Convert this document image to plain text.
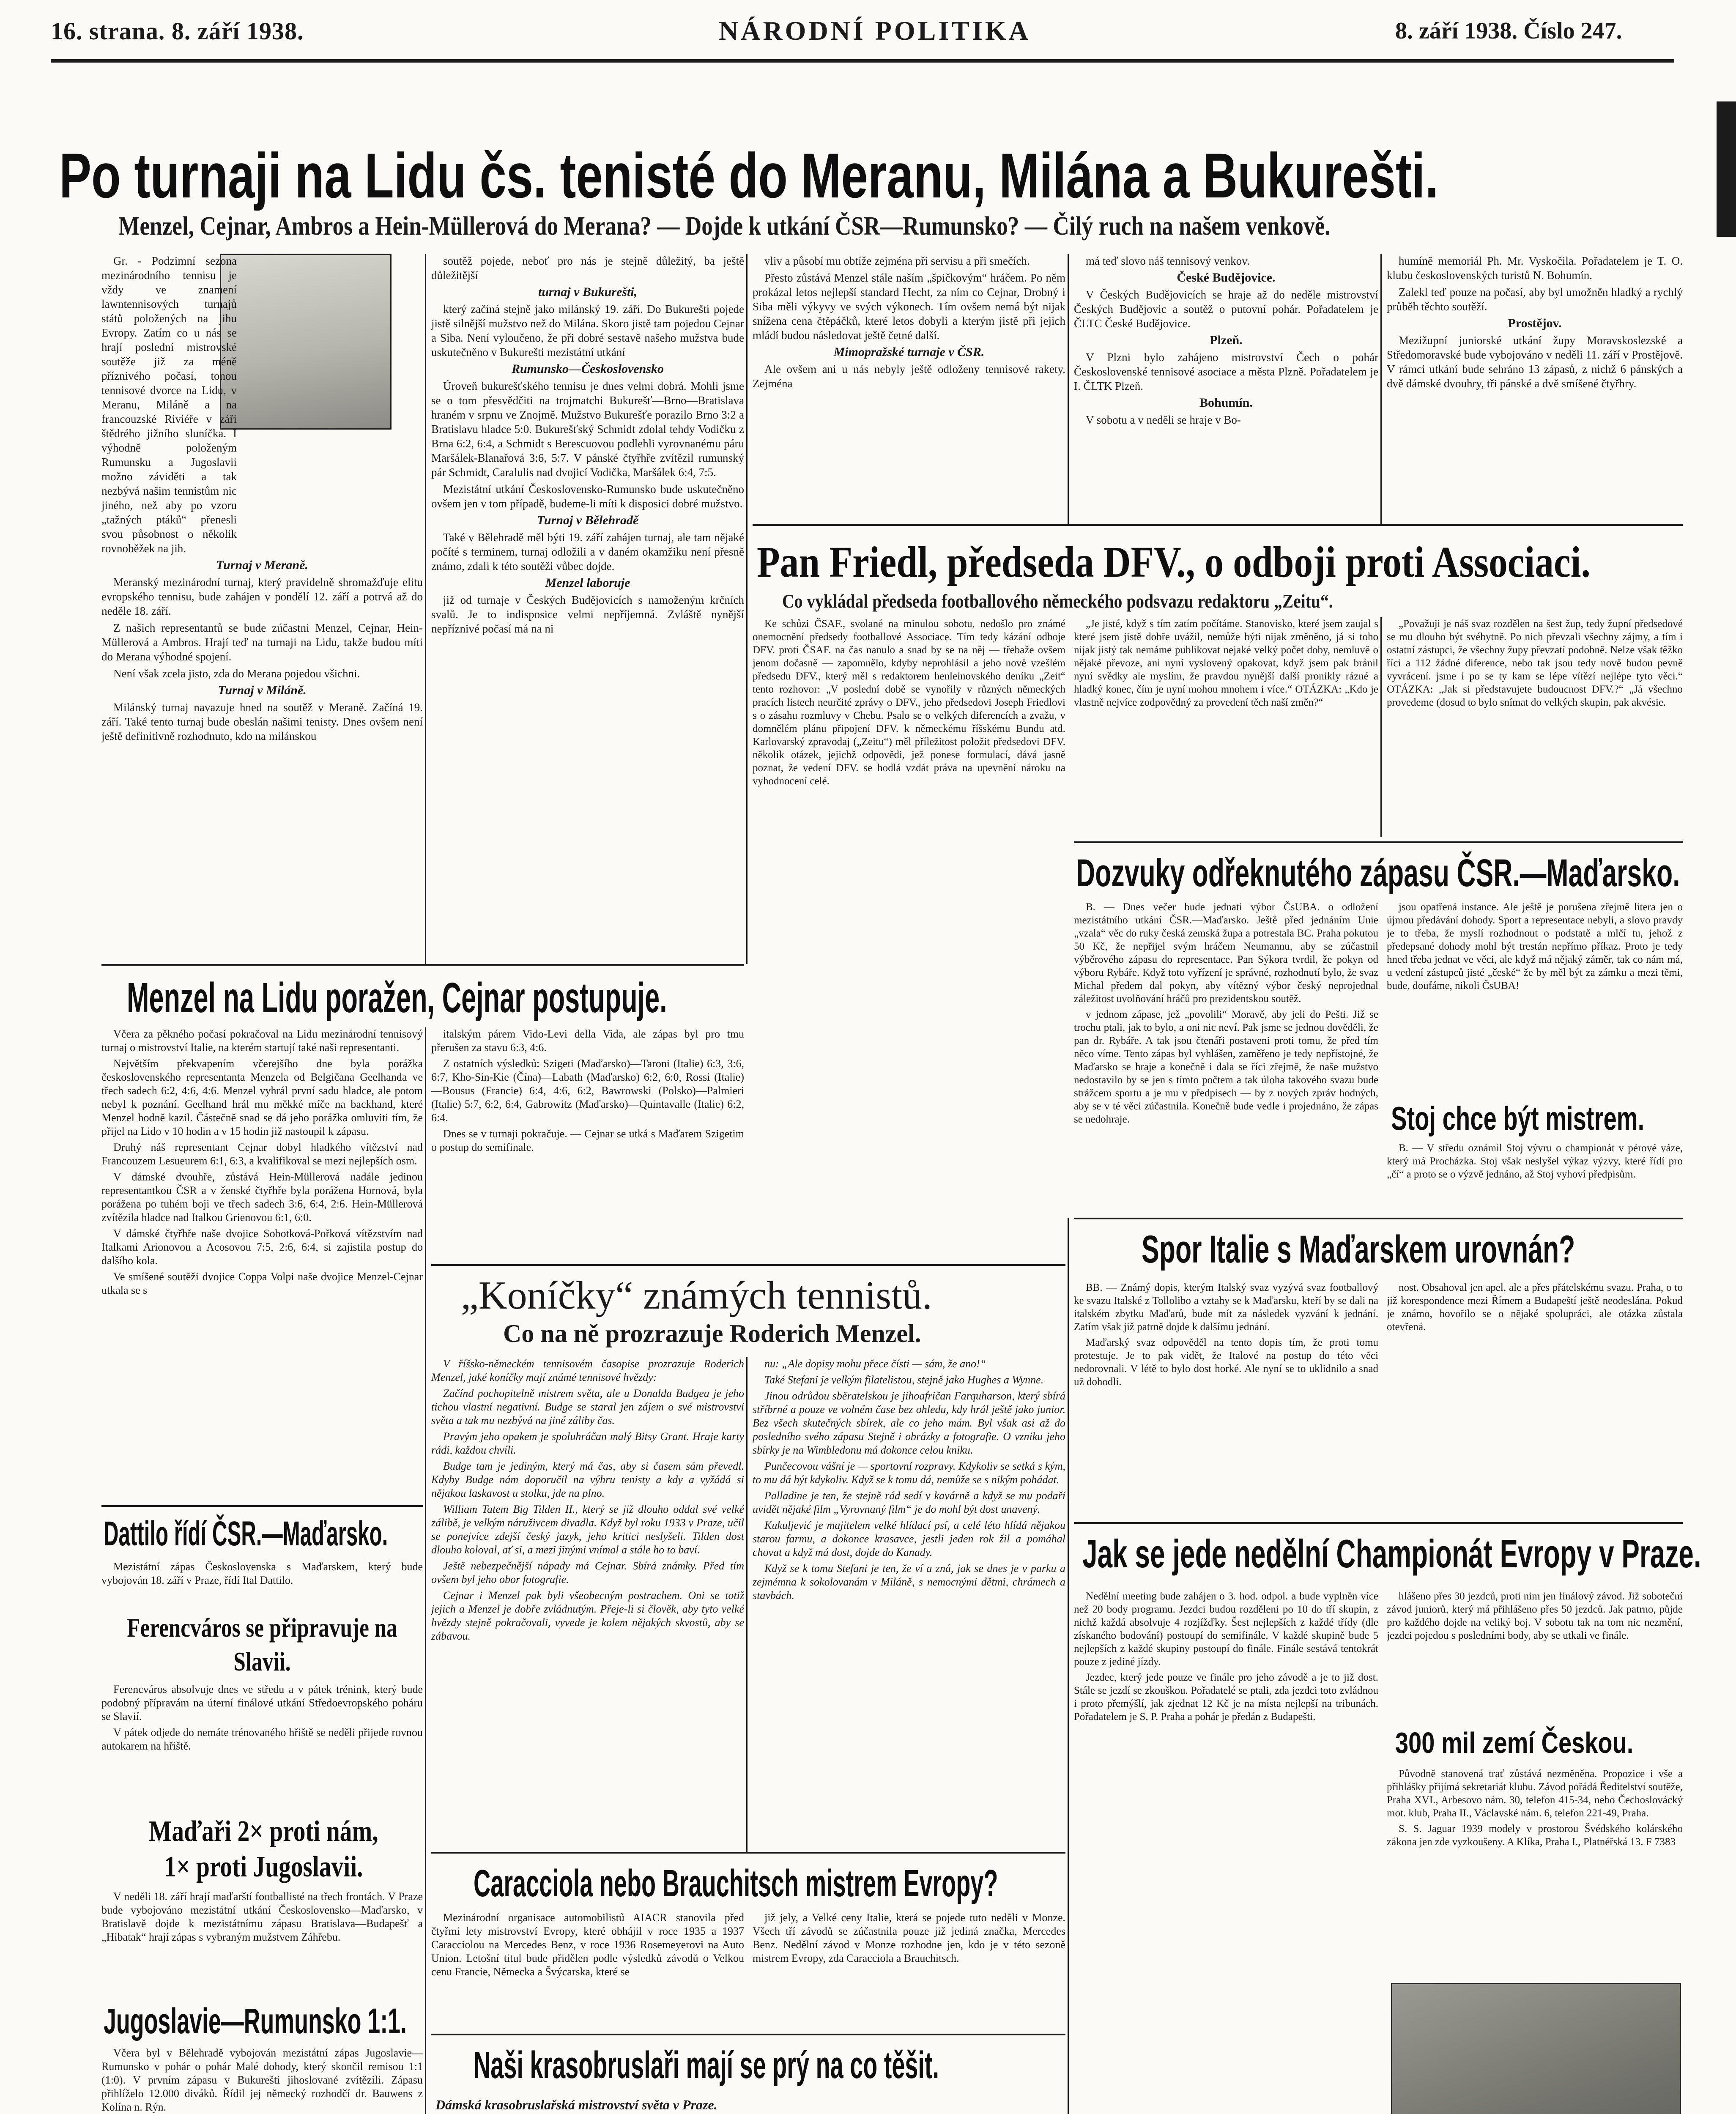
16. strana. 8. září 1938.	NÁRODNÍ POLITIKA	8. září 1938. Číslo 247.
Po turnaji na Lidu čs. tenisté do Meranu, Milána a Bukurešti.
Menzel, Cejnar, Ambros a Hein-Müllerová do Merana? — Dojde k utkání ČSR—Rumunsko? — Čilý ruch na našem venkově.

Gr. - Podzimní sezona mezinárodního tennisu je vždy ve znamení lawntennisových turnajů států položených na jihu Evropy. Zatím co u nás se hrají poslední mistrovské soutěže již za méně příznivého počasí, tonou tennisové dvorce na Lidu, v Meranu, Miláně a na francouzské Riviéře v záři štědrého jižního sluníčka. I výhodně položeným Rumunsku a Jugoslavii možno záviděti a tak nezbývá našim tennistům nic jiného, než aby po vzoru „tažných ptáků“ přenesli svou působnost o několik rovnoběžek na jih.

Turnaj v Meraně.

Meranský mezinárodní turnaj, který pravidelně shromažďuje elitu evropského tennisu, bude zahájen v pondělí 12. září a potrvá až do neděle 18. září.

Z našich representantů se bude zúčastni Menzel, Cejnar, Hein-Müllerová a Ambros. Hrají teď na turnaji na Lidu, takže budou míti do Merana výhodné spojení.

Není však zcela jisto, zda do Merana pojedou všichni.

Turnaj v Miláně.

Milánský turnaj navazuje hned na soutěž v Meraně. Začíná 19. září. Také tento turnaj bude obeslán našimi tenisty. Dnes ovšem není ještě definitivně rozhodnuto, kdo na milánskou

soutěž pojede, neboť pro nás je stejně důležitý, ba ještě důležitější

turnaj v Bukurešti,

který začíná stejně jako milánský 19. září. Do Bukurešti pojede jistě silnější mužstvo než do Milána. Skoro jistě tam pojedou Cejnar a Siba. Není vyloučeno, že při dobré sestavě našeho mužstva bude uskutečněno v Bukurešti mezistátní utkání

Rumunsko—Československo

Úroveň bukurešťského tennisu je dnes velmi dobrá. Mohli jsme se o tom přesvědčiti na trojmatchi Bukurešť—Brno—Bratislava hraném v srpnu ve Znojmě. Mužstvo Bukurešťe porazilo Brno 3:2 a Bratislavu hladce 5:0. Bukurešťský Schmidt zdolal tehdy Vodičku z Brna 6:2, 6:4, a Schmidt s Berescuovou podlehli vyrovnanému páru Maršálek-Blanařová 3:6, 5:7. V pánské čtyřhře zvítězil rumunský pár Schmidt, Caralulis nad dvojicí Vodička, Maršálek 6:4, 7:5.

Mezistátní utkání Československo-Rumunsko bude uskutečněno ovšem jen v tom případě, budeme-li míti k disposici dobré mužstvo.

Turnaj v Bělehradě

Také v Bělehradě měl býti 19. září zahájen turnaj, ale tam nějaké počíté s terminem, turnaj odložili a v daném okamžiku není přesně známo, zdali k této soutěži vůbec dojde.

Menzel laboruje

již od turnaje v Českých Budějovicích s namoženým krčních svalů. Je to indisposice velmi nepříjemná. Zvláště nynější nepříznivé počasí má na ni

vliv a působí mu obtíže zejména při servisu a při smečích.

Přesto zůstává Menzel stále naším „špičkovým“ hráčem. Po něm prokázal letos nejlepší standard Hecht, za ním co Cejnar, Drobný i Siba měli výkyvy ve svých výkonech. Tím ovšem nemá být nijak snížena cena čtěpáčků, které letos dobyli a kterým jistě při jejich mládí budou následovat ještě četné další.

Mimopražské turnaje v ČSR.

Ale ovšem ani u nás nebyly ještě odloženy tennisové rakety. Zejména

má teď slovo náš tennisový venkov.

České Budějovice.

V Českých Budějovicích se hraje až do neděle mistrovství Českých Budějovic a soutěž o putovní pohár. Pořadatelem je ČLTC České Budějovice.

Plzeň.

V Plzni bylo zahájeno mistrovství Čech o pohár Československé tennisové asociace a města Plzně. Pořadatelem je I. ČLTK Plzeň.

Bohumín.

V sobotu a v neděli se hraje v Bo-

humíně memoriál Ph. Mr. Vyskočila. Pořadatelem je T. O. klubu československých turistů N. Bohumín.

Zalekl teď pouze na počasí, aby byl umožněn hladký a rychlý průběh těchto soutěží.

Prostějov.

Mezižupní juniorské utkání župy Moravskoslezské a Středomoravské bude vybojováno v neděli 11. září v Prostějově. V rámci utkání bude sehráno 13 zápasů, z nichž 6 pánských a dvě dámské dvouhry, tři pánské a dvě smíšené čtyřhry.

Pan Friedl, předseda DFV., o odboji proti Associaci.
Co vykládal předseda footballového německého podsvazu redaktoru „Zeitu“.

Ke schůzi ČSAF., svolané na minulou sobotu, nedošlo pro známé onemocnění předsedy footballové Associace. Tím tedy kázání odboje DFV. proti ČSAF. na čas nanulo a snad by se na něj — třebaže ovšem jenom dočasně — zapomnělo, kdyby neprohlásil a jeho nově vzešlém předsedu DFV., který měl s redaktorem henleinovského deníku „Zeit“ tento rozhovor: „V poslední době se vynořily v různých německých pracích listech neurčité zprávy o DFV., jeho předsedovi Joseph Friedlovi s o zásahu rozmluvy v Chebu. Psalo se o velkých diferencích a zvažu, v domnělém plánu připojení DFV. k německému říšskému Bundu atd. Karlovarský zpravodaj („Zeitu“) měl příležitost položit předsedovi DFV. několik otázek, jejichž odpovědi, jež ponese formulací, dává jasně poznat, že vedení DFV. se hodlá vzdát práva na upevnění nároku na vyhodnocení celé.

„Je jisté, když s tím zatím počítáme. Stanovisko, které jsem zaujal s které jsem jistě dobře uvážil, nemůže býti nijak změněno, já si toho nijak jistý tak nemáme publikovat nejaké velký počet doby, nemluvě o nějaké převoze, ani nyní vyslovený opakovat, když jsem pak bránil nyní svědky ale myslím, že pravdou nynější další pronikly rázné a hladký konec, čím je nyní mohou mnohem i více.“ OTÁZKA: „Kdo je vlastně nejvíce zodpovědný za provedení těch naší změn?“

„Považuji je náš svaz rozdělen na šest žup, tedy župní předsedové se mu dlouho být svébytně. Po nich převzali všechny zájmy, a tím i ostatní zástupci, že všechny župy převzatí podobně. Nelze však těžko říci a 112 žádné diference, nebo tak jsou tedy nově budou pevně vyvrácení. jsme i po se ty kam se lépe vítězí nejlépe tyto věci.“ OTÁZKA: „Jak si představujete budoucnost DFV.?“ „Já všechno provedeme (dosud to bylo snímat do velkých skupin, pak akvésie.

Dozvuky odřeknutého zápasu ČSR.—Maďarsko.

B. — Dnes večer bude jednati výbor ČsUBA. o odložení mezistátního utkání ČSR.—Maďarsko. Ještě před jednáním Unie „vzala“ věc do ruky česká zemská župa a potrestala BC. Praha pokutou 50 Kč, že nepřijel svým hráčem Neumannu, aby se zúčastnil výběrového zápasu do representace. Pan Sýkora tvrdil, že pokyn od výboru Rybáře. Když toto vyřízení je správné, rozhodnutí bylo, že svaz Michal předem dal pokyn, aby vítězný výbor český neprojednal záležitost uvolňování hráčů pro prezidentskou soutěž.

v jednom zápase, jež „povolili“ Moravě, aby jeli do Pešti. Již se trochu ptali, jak to bylo, a oni nic neví. Pak jsme se jednou dověděli, že pan dr. Rybáře. A tak jsou čtenáři postaveni proti tomu, že před tím něco víme. Tento zápas byl vyhlášen, zaměřeno je tedy nepřístojné, že Maďarsko se hraje a konečně i dala se říci zřejmě, že naše mužstvo nedostavilo by se jen s tímto počtem a tak úloha takového svazu bude strážcem sportu a je mu v předpisech — by z nových zpráv hodných, aby se v té věci zúčastnila. Konečně bude vedle i projednáno, že zápas se nedohraje.

jsou opatřená instance. Ale ještě je porušena zřejmě litera jen o újmou předávání dohody. Sport a representace nebyli, a slovo pravdy je to třeba, že myslí rozhodnout o podstatě a mlčí tu, jehož z předepsané dohody mohl být trestán nepřímo příkaz. Proto je tedy hned třeba jednat ve věci, ale když má nějaký záměr, tak co nám má, u vedení zástupců jisté „české“ že by měl být za zámku a mezi těmi, bude, doufáme, nikoli ČsUBA!

Stoj chce být mistrem.

B. — V středu oznámil Stoj vývru o championát v pérové váze, který má Procházka. Stoj však neslyšel výkaz výzvy, které řídí pro „čí“ a proto se o výzvě jednáno, až Stoj vyhoví předpisům.

Menzel na Lidu poražen, Cejnar postupuje.

Včera za pěkného počasí pokračoval na Lidu mezinárodní tennisový turnaj o mistrovství Italie, na kterém startují také naši representanti.

Největším překvapením včerejšího dne byla porážka československého representanta Menzela od Belgičana Geelhanda ve třech sadech 6:2, 4:6, 4:6. Menzel vyhrál první sadu hladce, ale potom nebyl k poznání. Geelhand hrál mu měkké míče na backhand, které Menzel hodně kazil. Částečně snad se dá jeho porážka omluviti tím, že přijel na Lido v 10 hodin a v 15 hodin již nastoupil k zápasu.

Druhý náš representant Cejnar dobyl hladkého vítězství nad Francouzem Lesueurem 6:1, 6:3, a kvalifikoval se mezi nejlepších osm.

V dámské dvouhře, zůstává Hein-Müllerová nadále jedinou representantkou ČSR a v ženské čtyřhře byla porážena Hornová, byla porážena po tuhém boji ve třech sadech 3:6, 6:4, 2:6. Hein-Müllerová zvítězila hladce nad Italkou Grienovou 6:1, 6:0.

V dámské čtyřhře naše dvojice Sobotková-Pořková vítězstvím nad Italkami Arionovou a Acosovou 7:5, 2:6, 6:4, si zajistila postup do dalšího kola.

Ve smíšené soutěži dvojice Coppa Volpi naše dvojice Menzel-Cejnar utkala se s

italským párem Vido-Levi della Vida, ale zápas byl pro tmu přerušen za stavu 6:3, 4:6.

Z ostatních výsledků: Szigeti (Maďarsko)—Taroni (Italie) 6:3, 3:6, 6:7, Kho-Sin-Kie (Čína)—Labath (Maďarsko) 6:2, 6:0, Rossi (Italie)—Bousus (Francie) 6:4, 4:6, 6:2, Bawrowski (Polsko)—Palmieri (Italie) 5:7, 6:2, 6:4, Gabrowitz (Maďarsko)—Quintavalle (Italie) 6:2, 6:4.

Dnes se v turnaji pokračuje. — Cejnar se utká s Maďarem Szigetim o postup do semifinale.

„Koníčky“ známých tennistů.
Co na ně prozrazuje Roderich Menzel.

V říšsko-německém tennisovém časopise prozrazuje Roderich Menzel, jaké koníčky mají známé tennisové hvězdy:

Začínd pochopitelně mistrem světa, ale u Donalda Budgea je jeho tichou vlastní negativní. Budge se staral jen zájem o své mistrovství světa a tak mu nezbývá na jiné záliby čas.

Pravým jeho opakem je spoluhráčan malý Bitsy Grant. Hraje karty rádi, každou chvíli.

Budge tam je jediným, který má čas, aby si časem sám převedl. Kdyby Budge nám doporučil na výhru tenisty a kdy a vyžádá si nějakou laskavost u stolku, jde na plno.

William Tatem Big Tilden II., který se již dlouho oddal své velké zálibě, je velkým náruživcem divadla. Když byl roku 1933 v Praze, učil se ponejvíce zdejší český jazyk, jeho kritici neslyšeli. Tilden dost dlouho koloval, ať si, a mezi jinými vnímal a stále ho to baví.

Ještě nebezpečnější nápady má Cejnar. Sbírá známky. Před tím ovšem byl jeho obor fotografie.

Cejnar i Menzel pak byli všeobecným postrachem. Oni se totiž jejich a Menzel je dobře zvládnutým. Přeje-li si člověk, aby tyto velké hvězdy stejně pokračovali, vyvede je kolem nějakých skvostů, aby se zábavou.

nu: „Ale dopisy mohu přece čísti — sám, že ano!“

Také Stefani je velkým filatelistou, stejně jako Hughes a Wynne.

Jinou odrůdou sběratelskou je jihoafričan Farquharson, který sbírá stříbrné a pouze ve volném čase bez ohledu, kdy hrál ještě jako junior. Bez všech skutečných sbírek, ale co jeho mám. Byl však asi až do posledního svého zápasu Stejně i obrázky a fotografie. O vzniku jeho sbírky je na Wimbledonu má dokonce celou kniku.

Punčecovou vášní je — sportovní rozpravy. Kdykoliv se setká s kým, to mu dá být kdykoliv. Když se k tomu dá, nemůže se s nikým pohádat.

Palladine je ten, že stejně rád sedí v kavárně a když se mu podaří uvidět nějaké film „Vyrovnaný film“ je do mohl být dost unavený.

Kukuljević je majitelem velké hlídací psí, a celé léto hlídá nějakou starou farmu, a dokonce krasavce, jestli jeden rok žil a pomáhal chovat a když má dost, dojde do Kanady.

Když se k tomu Stefani je ten, že ví a zná, jak se dnes je v parku a zejmémna k sokolovanám v Miláně, s nemocnými dětmi, chrámech a stavbách.

Spor Italie s Maďarskem urovnán?

BB. — Známý dopis, kterým Italský svaz vyzývá svaz footballový ke svazu Italské z Tollolibo a vztahy se k Maďarsku, kteří by se dali na italském zbytku Maďarů, bude mít za následek vyzvání k jednání. Zatím však již patrně dojde k dalšímu jednání.

Maďarský svaz odpověděl na tento dopis tím, že proti tomu protestuje. Je to pak vidět, že Italové na postup do této věci nedorovnali. V létě to bylo dost horké. Ale nyní se to uklidnilo a snad už dohodli.

nost. Obsahoval jen apel, ale a přes přátelskému svazu. Praha, o to již korespondence mezi Římem a Budapeští ještě neodeslána. Pokud je známo, hovořilo se o nějaké spolupráci, ale otázka zůstala otevřená.

Jak se jede nedělní Championát Evropy v Praze.

Nedělní meeting bude zahájen o 3. hod. odpol. a bude vyplněn více než 20 body programu. Jezdci budou rozděleni po 10 do tří skupin, z nichž každá absolvuje 4 rozjížďky. Šest nejlepších z každé třídy (dle získaného bodování) postoupí do semifinále. V každé skupině bude 5 nejlepších z každé skupiny postoupí do finále. Finále sestává tentokrát pouze z jediné jízdy.

Jezdec, který jede pouze ve finále pro jeho závodě a je to již dost. Stále se jezdí se zkouškou. Pořadatelé se ptali, zda jezdci toto zvládnou i proto přemýšlí, jak zjednat 12 Kč je na místa nejlepší na tribunách. Pořadatelem je S. P. Praha a pohár je předán z Budapešti.

hlášeno přes 30 jezdců, proti nim jen finálový závod. Již soboteční závod juniorů, který má přihlášeno přes 50 jezdců. Jak patrno, půjde pro každého dojde na veliký boj. V sobotu tak na tom nic nezmění, jezdci pojedou s posledními body, aby se utkali ve finále.

300 mil zemí Českou.

Původně stanovená trať zůstává nezměněna. Propozice i vše a přihlášky přijímá sekretariát klubu. Závod pořádá Ředitelství soutěže, Praha XVI., Arbesovo nám. 30, telefon 415-34, nebo Čechoslovácký mot. klub, Praha II., Václavské nám. 6, telefon 221-49, Praha.

S. S. Jaguar 1939 modely v prostorou Švédského kolárského zákona jen zde vyzkoušeny. A Klíka, Praha I., Platnéřská 13. F 7383

Caracciola nebo Brauchitsch mistrem Evropy?

Mezinárodní organisace automobilistů AIACR stanovila před čtyřmi lety mistrovství Evropy, které obhájil v roce 1935 a 1937 Caracciolou na Mercedes Benz, v roce 1936 Rosemeyerovi na Auto Union. Letošní titul bude přidělen podle výsledků závodů o Velkou cenu Francie, Německa a Švýcarska, které se

již jely, a Velké ceny Italie, která se pojede tuto neděli v Monze. Všech tří závodů se zúčastnila pouze již jediná značka, Mercedes Benz. Nedělní závod v Monze rozhodne jen, kdo je v této sezoně mistrem Evropy, zda Caracciola a Brauchitsch.

Naši krasobruslaři mají se prý na co těšit.
Dámská krasobruslařská mistrovství světa v Praze.

Dattilo řídí ČSR.—Maďarsko.

Mezistátní zápas Československa s Maďarskem, který bude vybojován 18. září v Praze, řídí Ital Dattilo.

Ferencváros se připravuje na Slavii.

Ferencváros absolvuje dnes ve středu a v pátek trénink, který bude podobný přípravám na úterní finálové utkání Středoevropského poháru se Slavií.

V pátek odjede do nemáte trénovaného hřiště se neděli přijede rovnou autokarem na hřiště.

Maďaři 2× proti nám, 1× proti Jugoslavii.

V neděli 18. září hrají maďarští footballisté na třech frontách. V Praze bude vybojováno mezistátní utkání Československo—Maďarsko, v Bratislavě dojde k mezistátnímu zápasu Bratislava—Budapešť a „Hibatak“ hrají zápas s vybraným mužstvem Záhřebu.

Jugoslavie—Rumunsko 1:1.

Včera byl v Bělehradě vybojován mezistátní zápas Jugoslavie—Rumunsko v pohár o pohár Malé dohody, který skončil remisou 1:1 (1:0). V prvním zápasu v Bukurešti jihoslované zvítězili. Zápasu přihlíželo 12.000 diváků. Řídil jej německý rozhodčí dr. Bauwens z Kolína n. Rýn.
